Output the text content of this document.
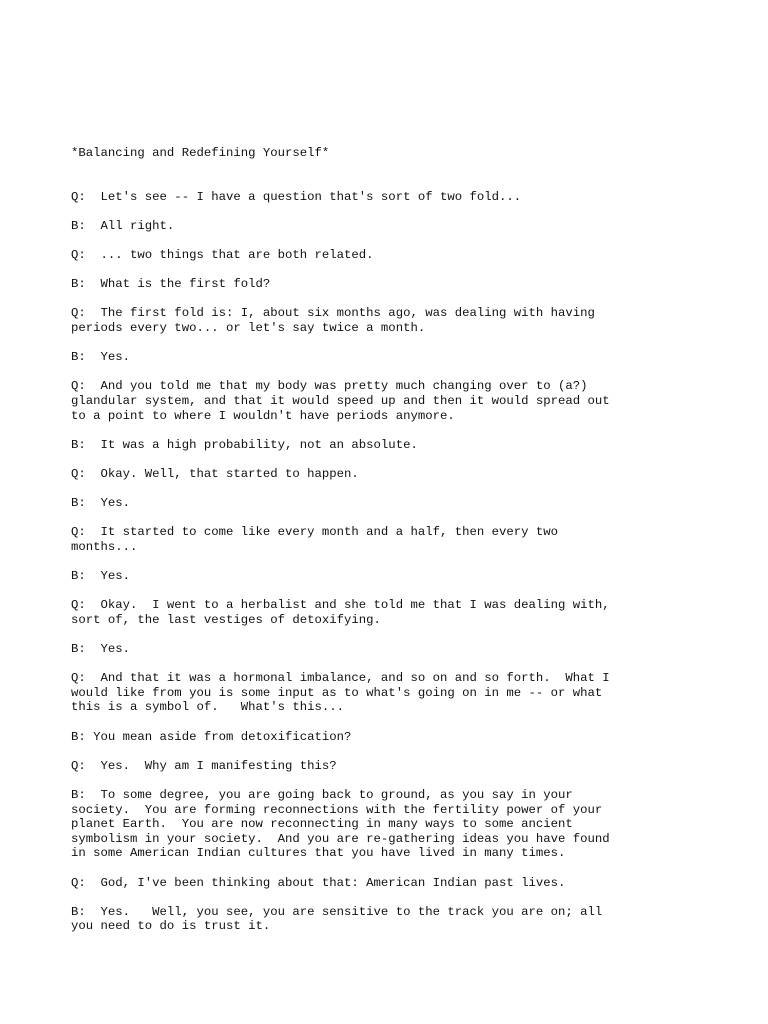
*Balancing and Redefining Yourself*
Q:  Let's see -- I have a question that's sort of two fold...
B:  All right.
Q:  ... two things that are both related.
B:  What is the first fold?
Q:  The first fold is: I, about six months ago, was dealing with having
periods every two... or let's say twice a month.
B:  Yes.
Q:  And you told me that my body was pretty much changing over to (a?)
glandular system, and that it would speed up and then it would spread out
to a point to where I wouldn't have periods anymore.
B:  It was a high probability, not an absolute.
Q:  Okay. Well, that started to happen.
B:  Yes.
Q:  It started to come like every month and a half, then every two
months...
B:  Yes.
Q:  Okay.  I went to a herbalist and she told me that I was dealing with,
sort of, the last vestiges of detoxifying.
B:  Yes.
Q:  And that it was a hormonal imbalance, and so on and so forth.  What I
would like from you is some input as to what's going on in me -- or what
this is a symbol of.   What's this...
B: You mean aside from detoxification?
Q:  Yes.  Why am I manifesting this?
B:  To some degree, you are going back to ground, as you say in your
society.  You are forming reconnections with the fertility power of your
planet Earth.  You are now reconnecting in many ways to some ancient
symbolism in your society.  And you are re-gathering ideas you have found
in some American Indian cultures that you have lived in many times.
Q:  God, I've been thinking about that: American Indian past lives.
B:  Yes.   Well, you see, you are sensitive to the track you are on; all
you need to do is trust it.
